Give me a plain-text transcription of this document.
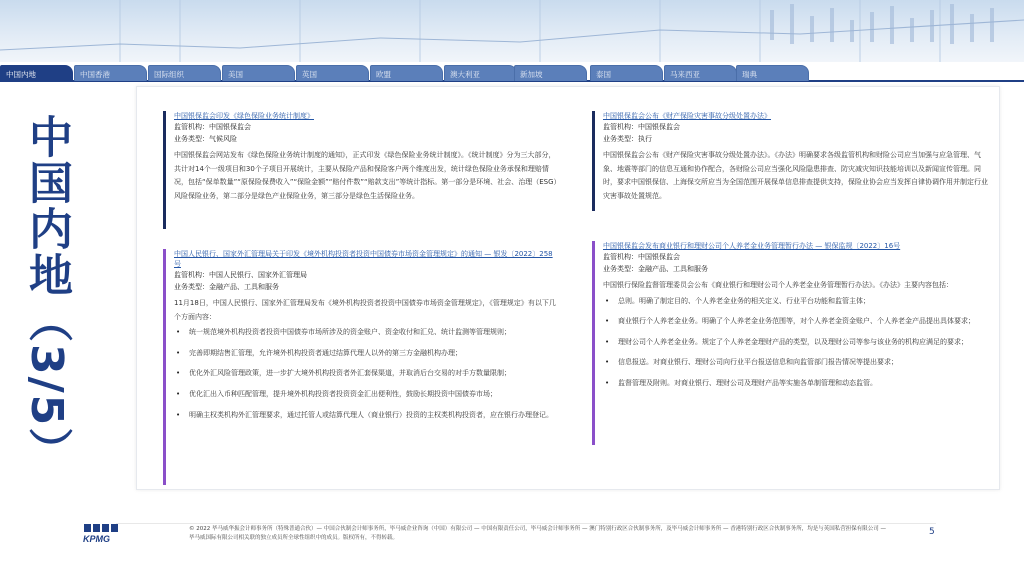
中国内地	中国香港	国际组织	美国	英国	欧盟	澳大利亚	新加坡	泰国	马来西亚	瑞典
中国内地（3/5）	中国银保监会印发《绿色保险业务统计制度》
监管机构：中国银保监会
业务类型：气候风险
中国银保监会网站发布《绿色保险业务统计制度的通知》，正式印发《绿色保险业务统计制度》。《统计制度》分为三大部分，共计对14个一级项目和30个子项目开展统计，主要从保险产品和保险客户两个维度出发，统计绿色保险业务承保和理赔情况，包括“保单数量”“原保险保费收入”“保险金额”“赔付件数”“赔款支出”等统计指标。第一部分是环境、社会、治理（ESG）风险保险业务，第二部分是绿色产业保险业务，第三部分是绿色生活保险业务。
中国银保监会公布《财产保险灾害事故分级处置办法》
监管机构：中国银保监会
业务类型：执行
中国银保监会公布《财产保险灾害事故分级处置办法》。《办法》明确要求各级监管机构和财险公司应当加强与应急管理、气象、地震等部门的信息互通和协作配合，各财险公司应当强化风险隐患排查、防灾减灾知识技能培训以及新闻宣传管理。同时，要求中国银保信、上海保交所应当为全国范围开展保单信息排查提供支持，保险业协会应当发挥自律协调作用并制定行业灾害事故处置规范。
中国人民银行、国家外汇管理局关于印发《境外机构投资者投资中国债券市场资金管理规定》的通知 — 银发〔2022〕258号
监管机构：中国人民银行、国家外汇管理局
业务类型：金融产品、工具和服务
11月18日，中国人民银行、国家外汇管理局发布《境外机构投资者投资中国债券市场资金管理规定》，《管理规定》有以下几个方面内容：
• 统一规范境外机构投资者投资中国债券市场所涉及的资金账户、资金收付和汇兑、统计监测等管理规则；
• 完善即期结售汇管理，允许境外机构投资者通过结算代理人以外的第三方金融机构办理；
• 优化外汇风险管理政策，进一步扩大境外机构投资者外汇套保渠道，并取消后台交易的对手方数量限制；
• 优化汇出入币种匹配管理，提升境外机构投资者投资资金汇出便利性，鼓励长期投资中国债券市场；
• 明确主权类机构外汇管理要求，通过托管人或结算代理人（商业银行）投资的主权类机构投资者，应在银行办理登记。
中国银保监会发布商业银行和理财公司个人养老金业务管理暂行办法 — 银保监规〔2022〕16号
监管机构：中国银保监会
业务类型：金融产品、工具和服务
中国银行保险监督管理委员会公布《商业银行和理财公司个人养老金业务管理暂行办法》。《办法》主要内容包括：
• 总则。明确了制定目的、个人养老金业务的相关定义、行业平台功能和监管主体；
• 商业银行个人养老金业务。明确了个人养老金业务范围等，对个人养老金资金账户、个人养老金产品提出具体要求；
• 理财公司个人养老金业务。规定了个人养老金理财产品的类型，以及理财公司等参与该业务的机构应满足的要求；
• 信息报送。对商业银行、理财公司向行业平台报送信息和向监管部门报告情况等提出要求；
• 监督管理及附则。对商业银行、理财公司及理财产品等实施各单制管理和动态监管。
KPMG
© 2022 毕马威华振会计师事务所（特殊普通合伙）— 中国合伙制会计师事务所，毕马威企业咨询（中国）有限公司 — 中国有限责任公司，毕马威会计师事务所 — 澳门特别行政区合伙制事务所，及毕马威会计师事务所 — 香港特别行政区合伙制事务所，均是与英国私营担保有限公司 — 毕马威国际有限公司相关联的独立成员所全球性组织中的成员。版权所有，不得转载。
5
